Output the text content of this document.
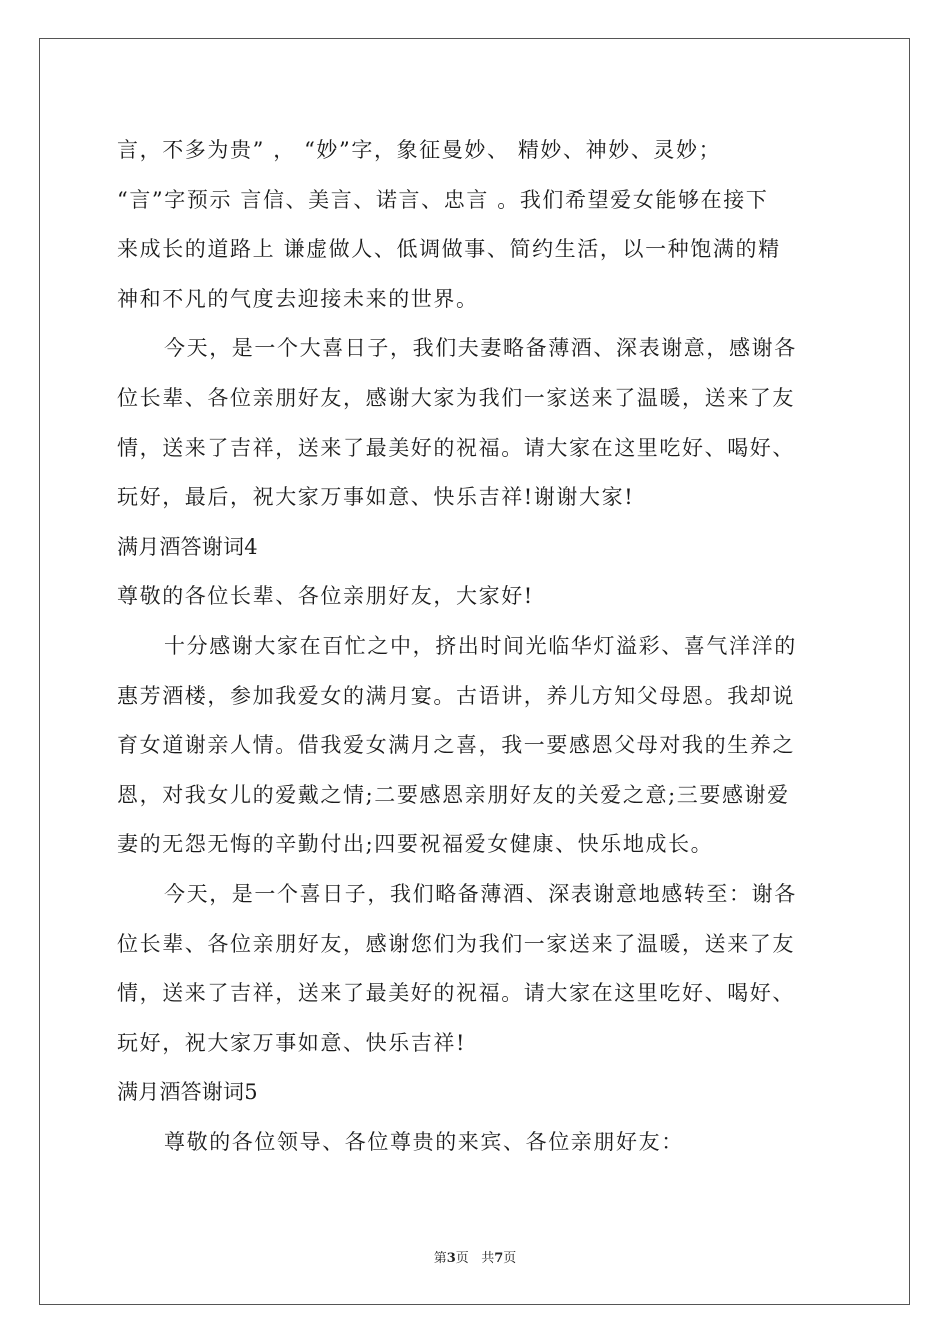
言，不多为贵” ， “妙”字，象征曼妙、 精妙、神妙、灵妙；
“言”字预示 言信、美言、诺言、忠言 。我们希望爱女能够在接下
来成长的道路上 谦虚做人、低调做事、简约生活，以一种饱满的精
神和不凡的气度去迎接未来的世界。
今天，是一个大喜日子，我们夫妻略备薄酒、深表谢意，感谢各
位长辈、各位亲朋好友，感谢大家为我们一家送来了温暖，送来了友
情，送来了吉祥，送来了最美好的祝福。请大家在这里吃好、喝好、
玩好，最后，祝大家万事如意、快乐吉祥!谢谢大家!
满月酒答谢词4
尊敬的各位长辈、各位亲朋好友，大家好!
十分感谢大家在百忙之中，挤出时间光临华灯溢彩、喜气洋洋的
惠芳酒楼，参加我爱女的满月宴。古语讲，养儿方知父母恩。我却说
育女道谢亲人情。借我爱女满月之喜，我一要感恩父母对我的生养之
恩，对我女儿的爱戴之情;二要感恩亲朋好友的关爱之意;三要感谢爱
妻的无怨无悔的辛勤付出;四要祝福爱女健康、快乐地成长。
今天，是一个喜日子，我们略备薄酒、深表谢意地感转至：谢各
位长辈、各位亲朋好友，感谢您们为我们一家送来了温暖，送来了友
情，送来了吉祥，送来了最美好的祝福。请大家在这里吃好、喝好、
玩好，祝大家万事如意、快乐吉祥!
满月酒答谢词5
尊敬的各位领导、各位尊贵的来宾、各位亲朋好友：
第3页   共7页
